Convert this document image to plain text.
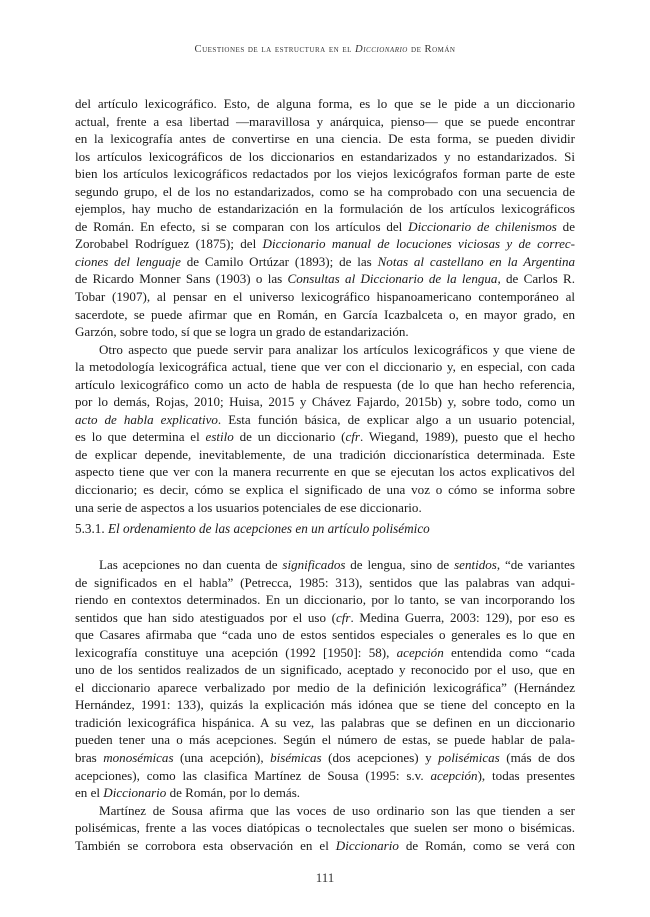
Cuestiones de la estructura en el Diccionario de Román
del artículo lexicográfico. Esto, de alguna forma, es lo que se le pide a un diccionario
actual, frente a esa libertad —maravillosa y anárquica, pienso— que se puede encontrar
en la lexicografía antes de convertirse en una ciencia. De esta forma, se pueden dividir
los artículos lexicográficos de los diccionarios en estandarizados y no estandarizados. Si
bien los artículos lexicográficos redactados por los viejos lexicógrafos forman parte de este
segundo grupo, el de los no estandarizados, como se ha comprobado con una secuencia de
ejemplos, hay mucho de estandarización en la formulación de los artículos lexicográficos
de Román. En efecto, si se comparan con los artículos del Diccionario de chilenismos de
Zorobabel Rodríguez (1875); del Diccionario manual de locuciones viciosas y de correc-
ciones del lenguaje de Camilo Ortúzar (1893); de las Notas al castellano en la Argentina
de Ricardo Monner Sans (1903) o las Consultas al Diccionario de la lengua, de Carlos R.
Tobar (1907), al pensar en el universo lexicográfico hispanoamericano contemporáneo al
sacerdote, se puede afirmar que en Román, en García Icazbalceta o, en mayor grado, en
Garzón, sobre todo, sí que se logra un grado de estandarización.
Otro aspecto que puede servir para analizar los artículos lexicográficos y que viene de
la metodología lexicográfica actual, tiene que ver con el diccionario y, en especial, con cada
artículo lexicográfico como un acto de habla de respuesta (de lo que han hecho referencia,
por lo demás, Rojas, 2010; Huisa, 2015 y Chávez Fajardo, 2015b) y, sobre todo, como un
acto de habla explicativo. Esta función básica, de explicar algo a un usuario potencial,
es lo que determina el estilo de un diccionario (cfr. Wiegand, 1989), puesto que el hecho
de explicar depende, inevitablemente, de una tradición diccionarística determinada. Este
aspecto tiene que ver con la manera recurrente en que se ejecutan los actos explicativos del
diccionario; es decir, cómo se explica el significado de una voz o cómo se informa sobre
una serie de aspectos a los usuarios potenciales de ese diccionario.
5.3.1. El ordenamiento de las acepciones en un artículo polisémico
Las acepciones no dan cuenta de significados de lengua, sino de sentidos, “de variantes
de significados en el habla” (Petrecca, 1985: 313), sentidos que las palabras van adqui-
riendo en contextos determinados. En un diccionario, por lo tanto, se van incorporando los
sentidos que han sido atestiguados por el uso (cfr. Medina Guerra, 2003: 129), por eso es
que Casares afirmaba que “cada uno de estos sentidos especiales o generales es lo que en
lexicografía constituye una acepción (1992 [1950]: 58), acepción entendida como “cada
uno de los sentidos realizados de un significado, aceptado y reconocido por el uso, que en
el diccionario aparece verbalizado por medio de la definición lexicográfica” (Hernández
Hernández, 1991: 133), quizás la explicación más idónea que se tiene del concepto en la
tradición lexicográfica hispánica. A su vez, las palabras que se definen en un diccionario
pueden tener una o más acepciones. Según el número de estas, se puede hablar de pala-
bras monosémicas (una acepción), bisémicas (dos acepciones) y polisémicas (más de dos
acepciones), como las clasifica Martínez de Sousa (1995: s.v. acepción), todas presentes
en el Diccionario de Román, por lo demás.
Martínez de Sousa afirma que las voces de uso ordinario son las que tienden a ser
polisémicas, frente a las voces diatópicas o tecnolectales que suelen ser mono o bisémicas.
También se corrobora esta observación en el Diccionario de Román, como se verá con
111
